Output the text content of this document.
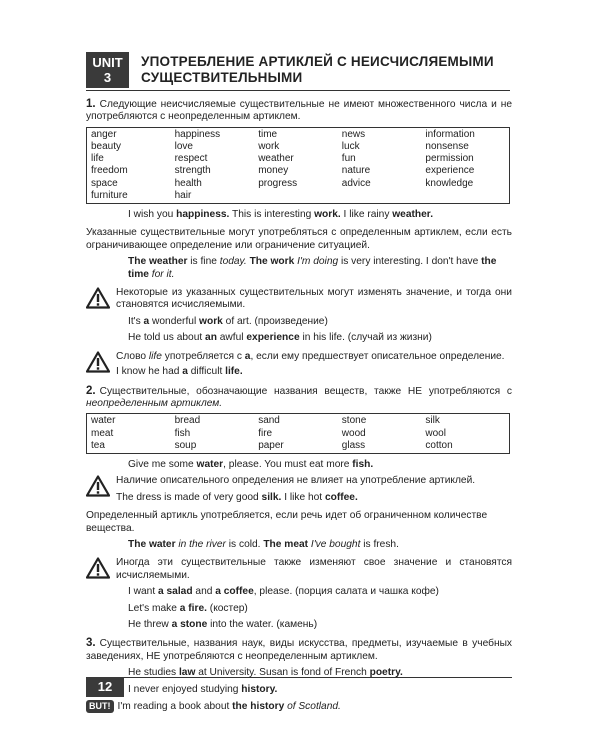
UNIT
3
УПОТРЕБЛЕНИЕ АРТИКЛЕЙ С НЕИСЧИСЛЯЕМЫМИ
СУЩЕСТВИТЕЛЬНЫМИ

1. Следующие неисчисляемые существительные не имеют множественного числа и не употребляются с неопределенным артиклем.

anger	happiness	time	news	information
beauty	love	work	luck	nonsense
life	respect	weather	fun	permission
freedom	strength	money	nature	experience
space	health	progress	advice	knowledge
furniture	hair

I wish you happiness. This is interesting work. I like rainy weather.

Указанные существительные могут употребляться с определенным артиклем, если есть ограничивающее определение или ограничение ситуацией.

The weather is fine today. The work I'm doing is very interesting. I don't have the time for it.

Некоторые из указанных существительных могут изменять значение, и тогда они становятся исчисляемыми.

It's a wonderful work of art. (произведение)

He told us about an awful experience in his life. (случай из жизни)

Слово life употребляется с a, если ему предшествует описательное определение.

I know he had a difficult life.

2. Существительные, обозначающие названия веществ, также НЕ употребляются с неопределенным артиклем.

water	bread	sand	stone	silk
meat	fish	fire	wood	wool
tea	soup	paper	glass	cotton

Give me some water, please. You must eat more fish.

Наличие описательного определения не влияет на употребление артиклей.

The dress is made of very good silk. I like hot coffee.

Определенный артикль употребляется, если речь идет об ограниченном количестве вещества.

The water in the river is cold. The meat I've bought is fresh.

Иногда эти существительные также изменяют свое значение и становятся исчисляемыми.

I want a salad and a coffee, please. (порция салата и чашка кофе)

Let's make a fire. (костер)

He threw a stone into the water. (камень)

3. Существительные, названия наук, виды искусства, предметы, изучаемые в учебных заведениях, НЕ употребляются с неопределенным артиклем.

He studies law at University. Susan is fond of French poetry.

I never enjoyed studying history.

BUT! I'm reading a book about the history of Scotland.

12
